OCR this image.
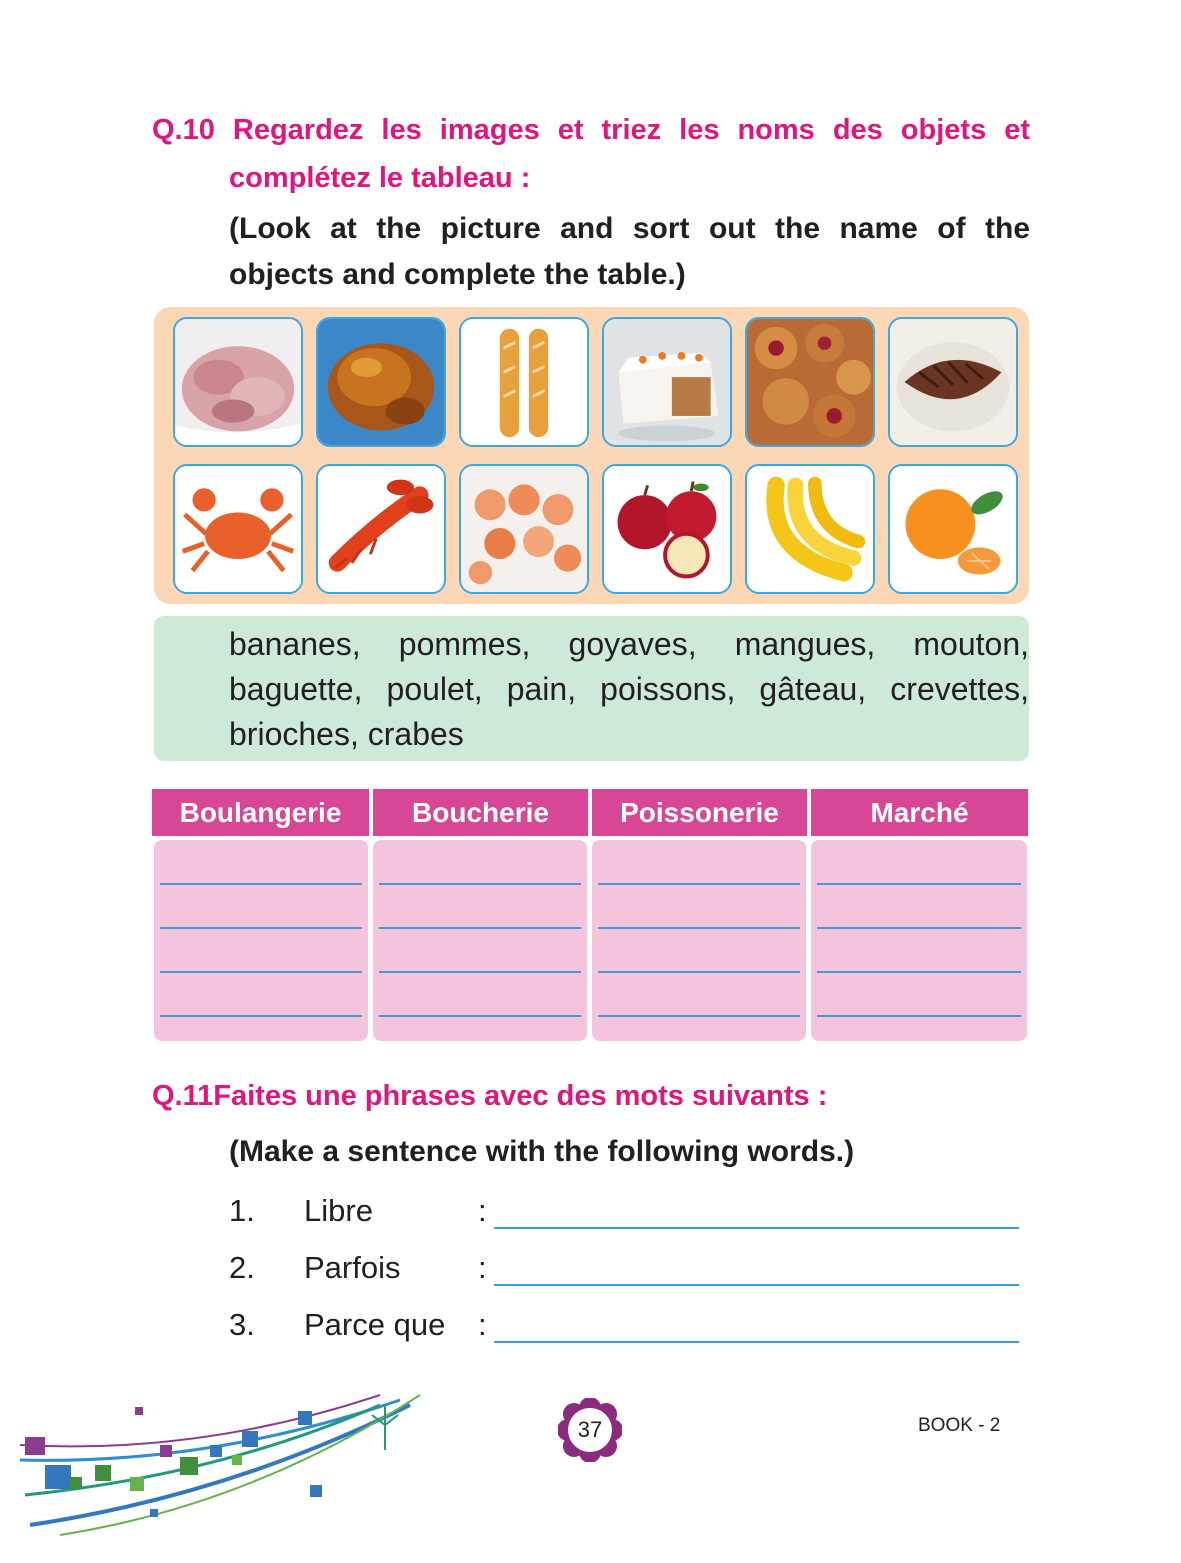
Q.10 Regardez les images et triez les noms des objets et
complétez le tableau :
(Look at the picture and sort out the name of the
objects and complete the table.)
bananes, pommes, goyaves, mangues, mouton,
baguette, poulet, pain, poissons, gâteau, crevettes,
brioches, crabes
Boulangerie	Boucherie	Poissonerie	Marché
Q.11Faites une phrases avec des mots suivants :
(Make a sentence with the following words.)
1. Libre	:
2. Parfois	:
3. Parce que :
37	BOOK - 2
